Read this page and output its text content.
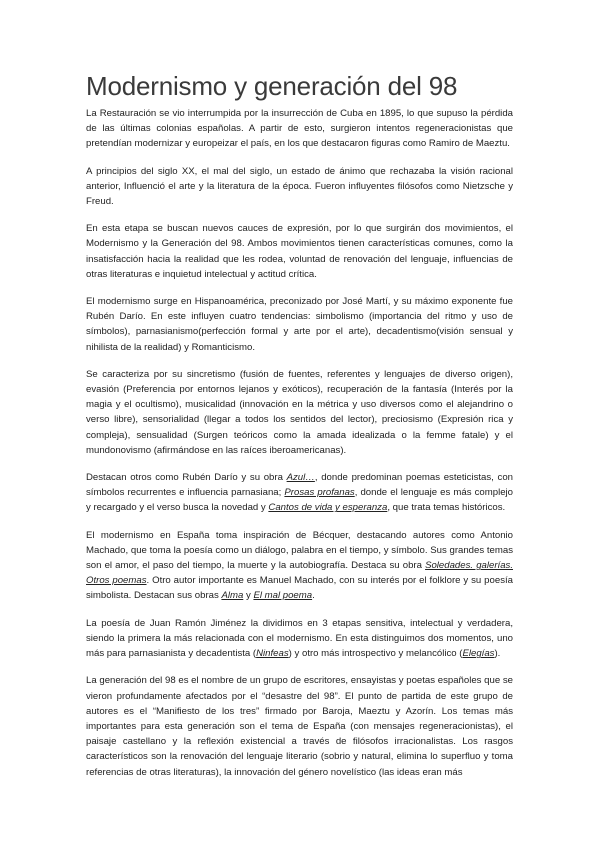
Modernismo y generación del 98

La Restauración se vio interrumpida por la insurrección de Cuba en 1895, lo que supuso la pérdida de las últimas colonias españolas. A partir de esto, surgieron intentos regeneracionistas que pretendían modernizar y europeizar el país, en los que destacaron figuras como Ramiro de Maeztu.

A principios del siglo XX, el mal del siglo, un estado de ánimo que rechazaba la visión racional anterior, Influenció el arte y la literatura de la época. Fueron influyentes filósofos como Nietzsche y Freud.

En esta etapa se buscan nuevos cauces de expresión, por lo que surgirán dos movimientos, el Modernismo y la Generación del 98. Ambos movimientos tienen características comunes, como la insatisfacción hacia la realidad que les rodea, voluntad de renovación del lenguaje, influencias de otras literaturas e inquietud intelectual y actitud crítica.

El modernismo surge en Hispanoamérica, preconizado por José Martí, y su máximo exponente fue Rubén Darío. En este influyen cuatro tendencias: simbolismo (importancia del ritmo y uso de símbolos), parnasianismo(perfección formal y arte por el arte), decadentismo(visión sensual y nihilista de la realidad) y Romanticismo.

Se caracteriza por su sincretismo (fusión de fuentes, referentes y lenguajes de diverso origen), evasión (Preferencia por entornos lejanos y exóticos), recuperación de la fantasía (Interés por la magia y el ocultismo), musicalidad (innovación en la métrica y uso diversos como el alejandrino o verso libre), sensorialidad (llegar a todos los sentidos del lector), preciosismo (Expresión rica y compleja), sensualidad (Surgen teóricos como la amada idealizada o la femme fatale) y el mundonovismo (afirmándose en las raíces iberoamericanas).

Destacan otros como Rubén Darío y su obra Azul…, donde predominan poemas esteticistas, con símbolos recurrentes e influencia parnasiana; Prosas profanas, donde el lenguaje es más complejo y recargado y el verso busca la novedad y Cantos de vida y esperanza, que trata temas históricos.

El modernismo en España toma inspiración de Bécquer, destacando autores como Antonio Machado, que toma la poesía como un diálogo, palabra en el tiempo, y símbolo. Sus grandes temas son el amor, el paso del tiempo, la muerte y la autobiografía. Destaca su obra Soledades. galerías. Otros poemas. Otro autor importante es Manuel Machado, con su interés por el folklore y su poesía simbolista. Destacan sus obras Alma y El mal poema.

La poesía de Juan Ramón Jiménez la dividimos en 3 etapas sensitiva, intelectual y verdadera, siendo la primera la más relacionada con el modernismo. En esta distinguimos dos momentos, uno más para parnasianista y decadentista (Ninfeas) y otro más introspectivo y melancólico (Elegías).

La generación del 98 es el nombre de un grupo de escritores, ensayistas y poetas españoles que se vieron profundamente afectados por el “desastre del 98”. El punto de partida de este grupo de autores es el “Manifiesto de los tres” firmado por Baroja, Maeztu y Azorín. Los temas más importantes para esta generación son el tema de España (con mensajes regeneracionistas), el paisaje castellano y la reflexión existencial a través de filósofos irracionalistas. Los rasgos característicos son la renovación del lenguaje literario (sobrio y natural, elimina lo superfluo y toma referencias de otras literaturas), la innovación del género novelístico (las ideas eran más
